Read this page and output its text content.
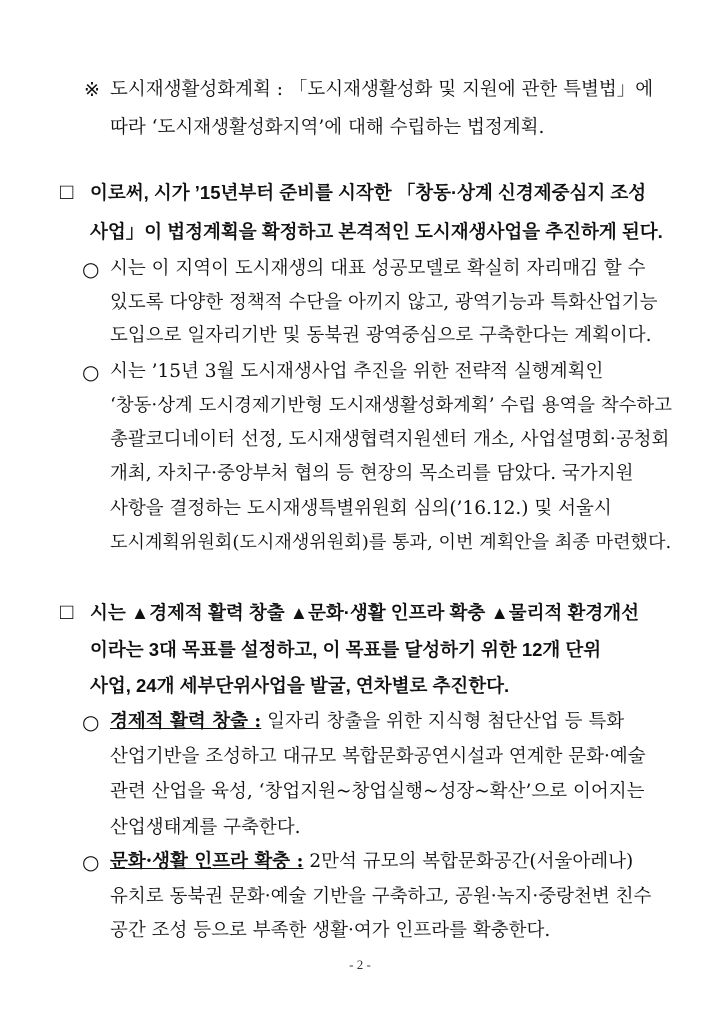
※ 도시재생활성화계획 : 「도시재생활성화 및 지원에 관한 특별법」에
따라 ‘도시재생활성화지역’에 대해 수립하는 법정계획.
□ 이로써, 시가 ’15년부터 준비를 시작한 「창동·상계 신경제중심지 조성
사업」이 법정계획을 확정하고 본격적인 도시재생사업을 추진하게 된다.
○ 시는 이 지역이 도시재생의 대표 성공모델로 확실히 자리매김 할 수
있도록 다양한 정책적 수단을 아끼지 않고, 광역기능과 특화산업기능
도입으로 일자리기반 및 동북권 광역중심으로 구축한다는 계획이다.
○ 시는 ’15년 3월 도시재생사업 추진을 위한 전략적 실행계획인
‘창동·상계 도시경제기반형 도시재생활성화계획’ 수립 용역을 착수하고
총괄코디네이터 선정, 도시재생협력지원센터 개소, 사업설명회·공청회
개최, 자치구·중앙부처 협의 등 현장의 목소리를 담았다. 국가지원
사항을 결정하는 도시재생특별위원회 심의(’16.12.) 및 서울시
도시계획위원회(도시재생위원회)를 통과, 이번 계획안을 최종 마련했다.
□ 시는 ▲경제적 활력 창출 ▲문화·생활 인프라 확충 ▲물리적 환경개선
이라는 3대 목표를 설정하고, 이 목표를 달성하기 위한 12개 단위
사업, 24개 세부단위사업을 발굴, 연차별로 추진한다.
○ 경제적 활력 창출 : 일자리 창출을 위한 지식형 첨단산업 등 특화
산업기반을 조성하고 대규모 복합문화공연시설과 연계한 문화·예술
관련 산업을 육성, ‘창업지원~창업실행~성장~확산’으로 이어지는
산업생태계를 구축한다.
○ 문화·생활 인프라 확충 : 2만석 규모의 복합문화공간(서울아레나)
유치로 동북권 문화·예술 기반을 구축하고, 공원·녹지·중랑천변 친수
공간 조성 등으로 부족한 생활·여가 인프라를 확충한다.
- 2 -
